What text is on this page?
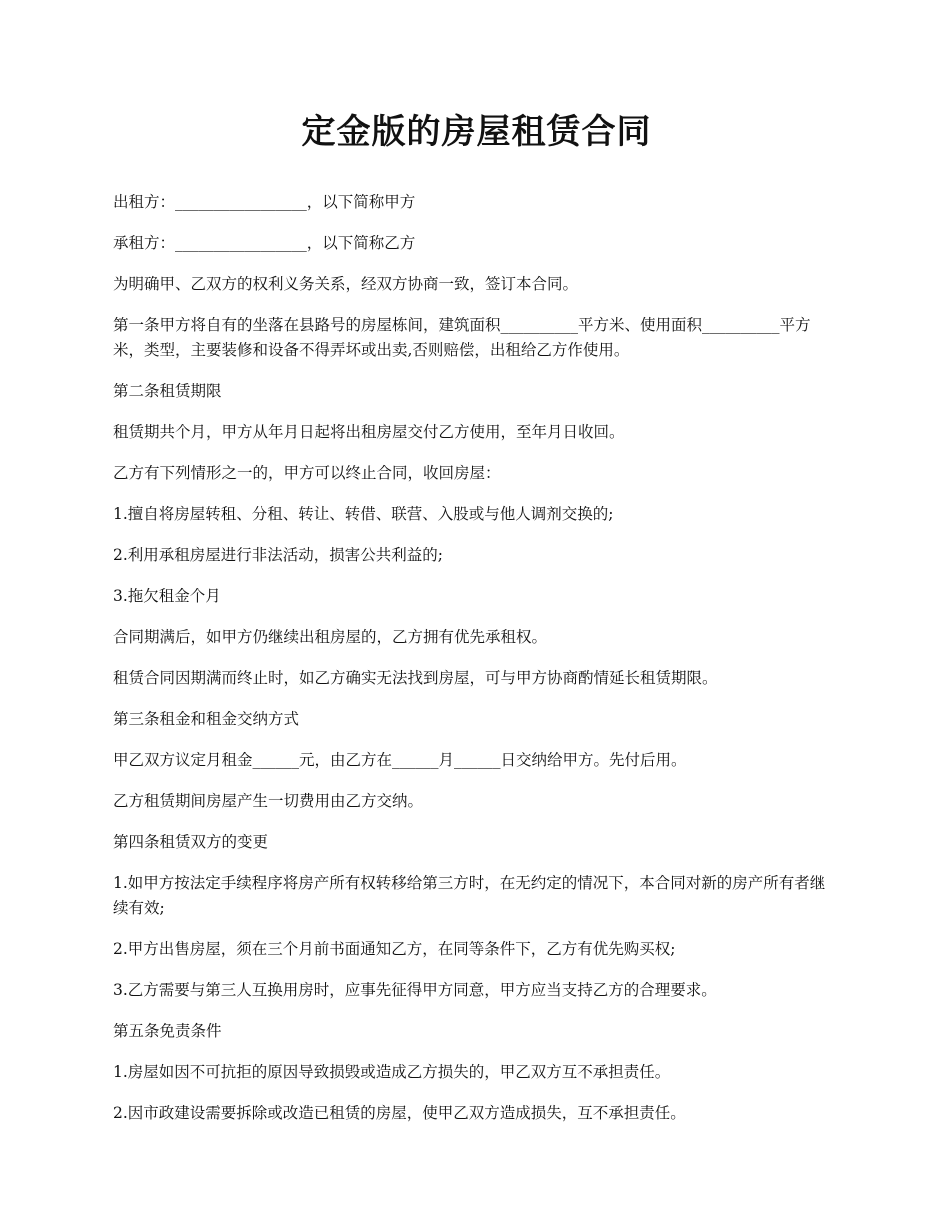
定金版的房屋租赁合同

出租方：_________________，以下简称甲方

承租方：_________________，以下简称乙方

为明确甲、乙双方的权利义务关系，经双方协商一致，签订本合同。

第一条甲方将自有的坐落在县路号的房屋栋间，建筑面积__________平方米、使用面积__________平方米，类型，主要装修和设备不得弄坏或出卖,否则赔偿，出租给乙方作使用。

第二条租赁期限

租赁期共个月，甲方从年月日起将出租房屋交付乙方使用，至年月日收回。

乙方有下列情形之一的，甲方可以终止合同，收回房屋：

1.擅自将房屋转租、分租、转让、转借、联营、入股或与他人调剂交换的;

2.利用承租房屋进行非法活动，损害公共利益的;

3.拖欠租金个月

合同期满后，如甲方仍继续出租房屋的，乙方拥有优先承租权。

租赁合同因期满而终止时，如乙方确实无法找到房屋，可与甲方协商酌情延长租赁期限。

第三条租金和租金交纳方式

甲乙双方议定月租金______元，由乙方在______月______日交纳给甲方。先付后用。

乙方租赁期间房屋产生一切费用由乙方交纳。

第四条租赁双方的变更

1.如甲方按法定手续程序将房产所有权转移给第三方时，在无约定的情况下，本合同对新的房产所有者继续有效;

2.甲方出售房屋，须在三个月前书面通知乙方，在同等条件下，乙方有优先购买权;

3.乙方需要与第三人互换用房时，应事先征得甲方同意，甲方应当支持乙方的合理要求。

第五条免责条件

1.房屋如因不可抗拒的原因导致损毁或造成乙方损失的，甲乙双方互不承担责任。

2.因市政建设需要拆除或改造已租赁的房屋，使甲乙双方造成损失，互不承担责任。
